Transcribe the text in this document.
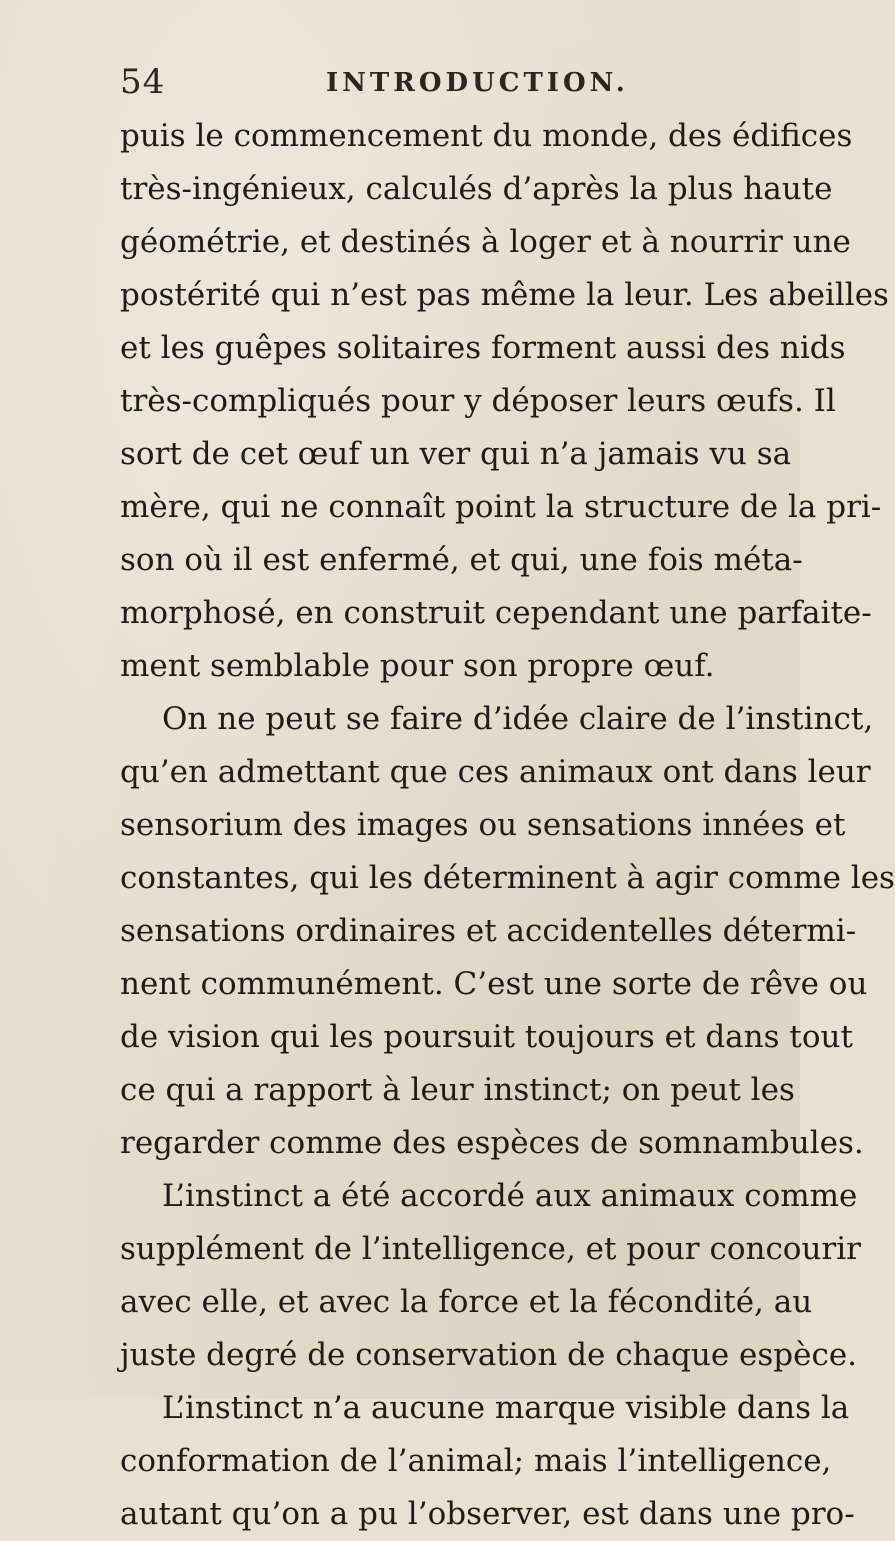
54	INTRODUCTION.
puis le commencement du monde, des édifices
très-ingénieux, calculés d’après la plus haute
géométrie, et destinés à loger et à nourrir une
postérité qui n’est pas même la leur. Les abeilles
et les guêpes solitaires forment aussi des nids
très-compliqués pour y déposer leurs œufs. Il
sort de cet œuf un ver qui n’a jamais vu sa
mère, qui ne connaît point la structure de la pri-
son où il est enfermé, et qui, une fois méta-
morphosé, en construit cependant une parfaite-
ment semblable pour son propre œuf.
On ne peut se faire d’idée claire de l’instinct,
qu’en admettant que ces animaux ont dans leur
sensorium des images ou sensations innées et
constantes, qui les déterminent à agir comme les
sensations ordinaires et accidentelles détermi-
nent communément. C’est une sorte de rêve ou
de vision qui les poursuit toujours et dans tout
ce qui a rapport à leur instinct; on peut les
regarder comme des espèces de somnambules.
L’instinct a été accordé aux animaux comme
supplément de l’intelligence, et pour concourir
avec elle, et avec la force et la fécondité, au
juste degré de conservation de chaque espèce.
L’instinct n’a aucune marque visible dans la
conformation de l’animal; mais l’intelligence,
autant qu’on a pu l’observer, est dans une pro-
